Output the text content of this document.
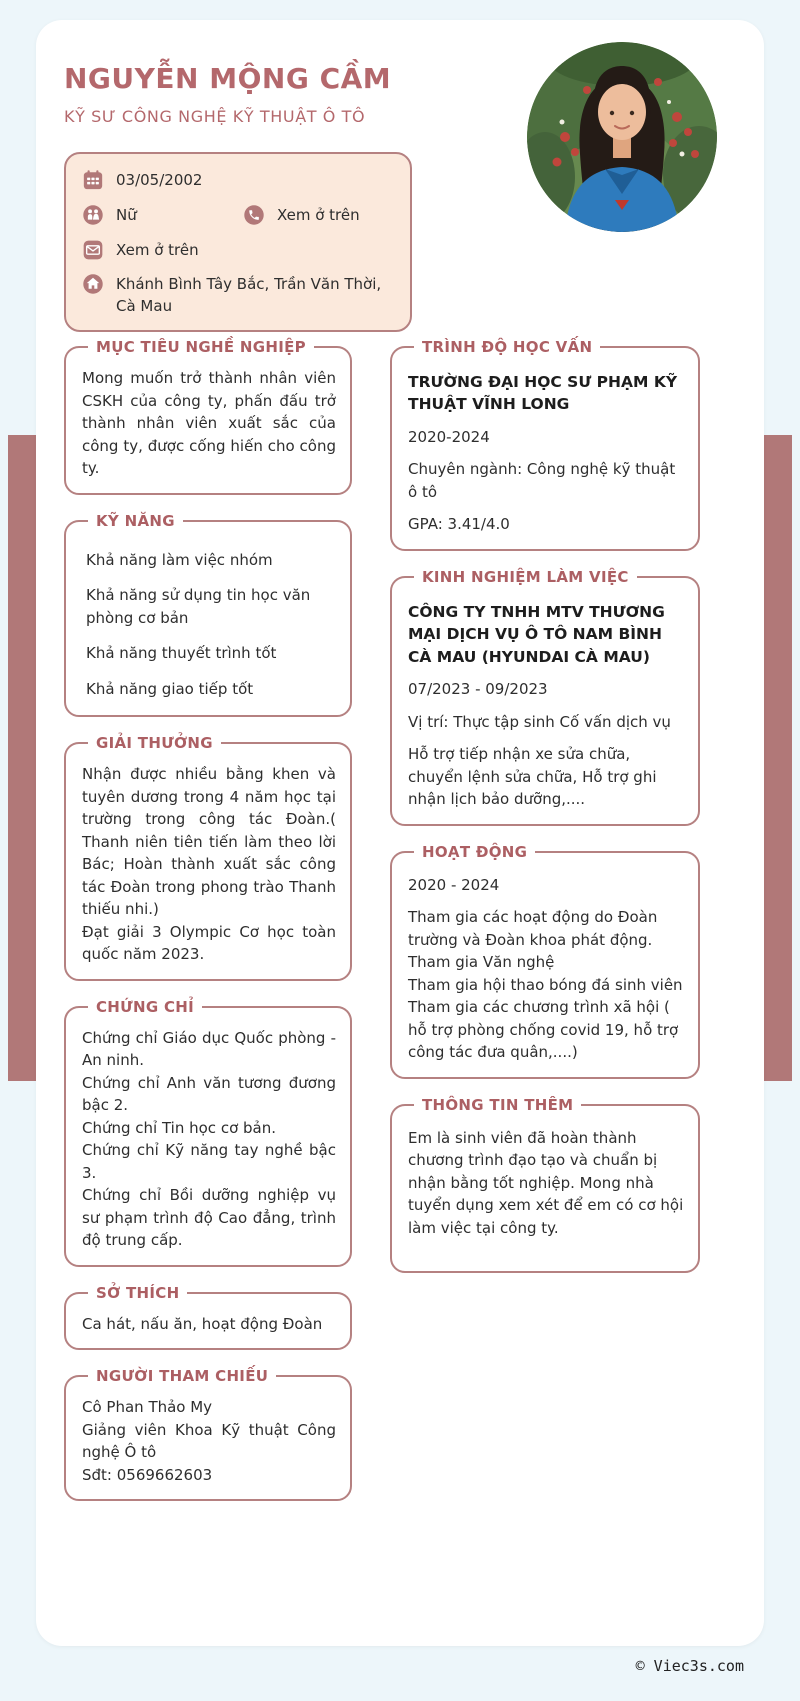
NGUYỄN MỘNG CẦM
KỸ SƯ CÔNG NGHỆ KỸ THUẬT Ô TÔ
03/05/2002
Nữ	Xem ở trên
Xem ở trên
Khánh Bình Tây Bắc, Trần Văn Thời, Cà Mau
MỤC TIÊU NGHỀ NGHIỆP

Mong muốn trở thành nhân viên CSKH của công ty, phấn đấu trở thành nhân viên xuất sắc của công ty, được cống hiến cho công ty.

KỸ NĂNG

Khả năng làm việc nhóm

Khả năng sử dụng tin học văn phòng cơ bản

Khả năng thuyết trình tốt

Khả năng giao tiếp tốt

GIẢI THƯỞNG

Nhận được nhiều bằng khen và tuyên dương trong 4 năm học tại trường trong công tác Đoàn.( Thanh niên tiên tiến làm theo lời Bác; Hoàn thành xuất sắc công tác Đoàn trong phong trào Thanh thiếu nhi.)

Đạt giải 3 Olympic Cơ học toàn quốc năm 2023.

CHỨNG CHỈ

Chứng chỉ Giáo dục Quốc phòng - An ninh.

Chứng chỉ Anh văn tương đương bậc 2.

Chứng chỉ Tin học cơ bản.

Chứng chỉ Kỹ năng tay nghề bậc 3.

Chứng chỉ Bồi dưỡng nghiệp vụ sư phạm trình độ Cao đẳng, trình độ trung cấp.

SỞ THÍCH

Ca hát, nấu ăn, hoạt động Đoàn

NGƯỜI THAM CHIẾU

Cô Phan Thảo My

Giảng viên Khoa Kỹ thuật Công nghệ Ô tô

Sđt: 0569662603

TRÌNH ĐỘ HỌC VẤN

TRƯỜNG ĐẠI HỌC SƯ PHẠM KỸ THUẬT VĨNH LONG

2020-2024

Chuyên ngành: Công nghệ kỹ thuật ô tô

GPA: 3.41/4.0

KINH NGHIỆM LÀM VIỆC

CÔNG TY TNHH MTV THƯƠNG MẠI DỊCH VỤ Ô TÔ NAM BÌNH CÀ MAU (HYUNDAI CÀ MAU)

07/2023 - 09/2023

Vị trí: Thực tập sinh Cố vấn dịch vụ

Hỗ trợ tiếp nhận xe sửa chữa, chuyển lệnh sửa chữa, Hỗ trợ ghi nhận lịch bảo dưỡng,....

HOẠT ĐỘNG

2020 - 2024

Tham gia các hoạt động do Đoàn trường và Đoàn khoa phát động.

Tham gia Văn nghệ

Tham gia hội thao bóng đá sinh viên

Tham gia các chương trình xã hội ( hỗ trợ phòng chống covid 19, hỗ trợ công tác đưa quân,....)

THÔNG TIN THÊM

Em là sinh viên đã hoàn thành chương trình đạo tạo và chuẩn bị nhận bằng tốt nghiệp. Mong nhà tuyển dụng xem xét để em có cơ hội làm việc tại công ty.

© Viec3s.com
